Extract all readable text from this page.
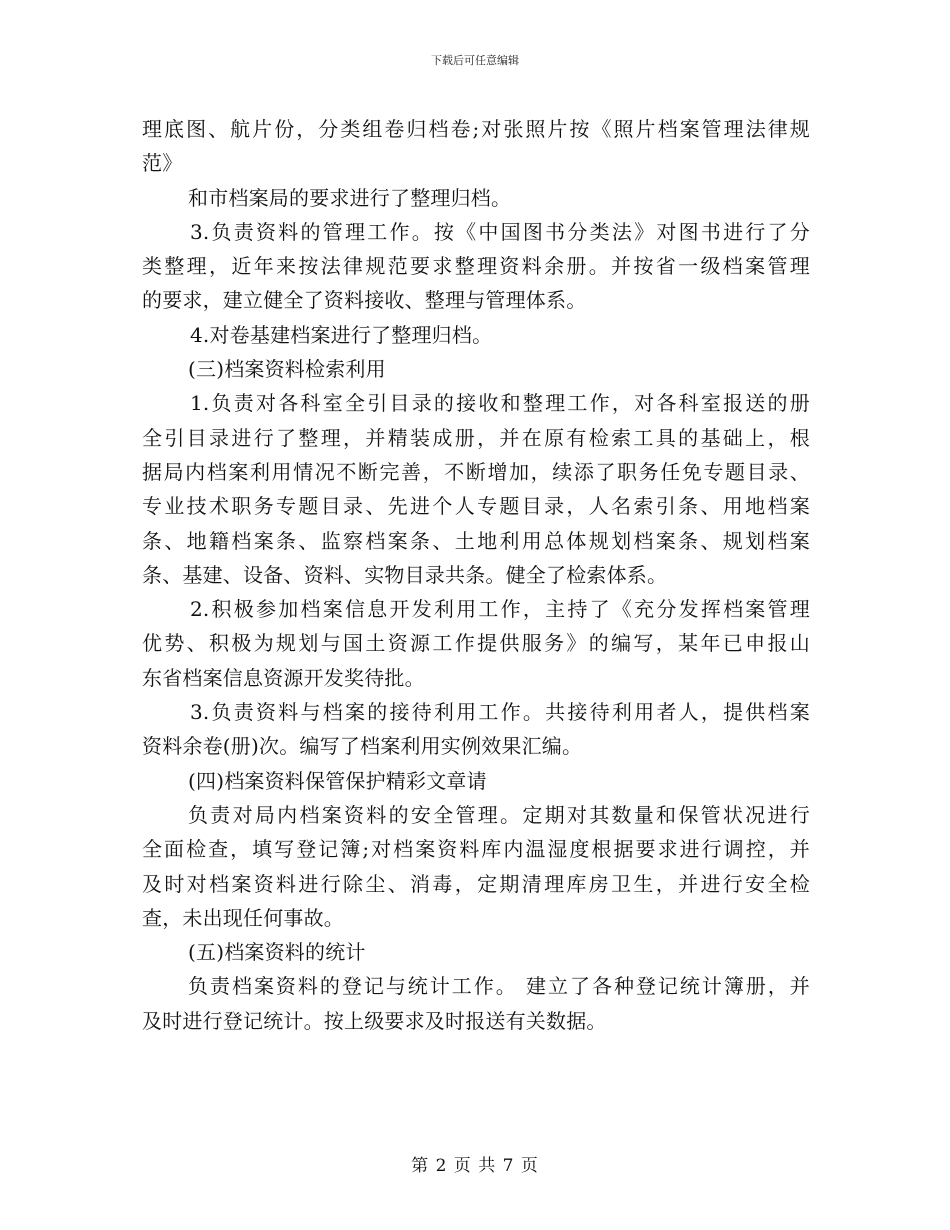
下载后可任意编辑
理底图、航片份，分类组卷归档卷;对张照片按《照片档案管理法律规
范》
和市档案局的要求进行了整理归档。
3.负责资料的管理工作。按《中国图书分类法》对图书进行了分
类整理，近年来按法律规范要求整理资料余册。并按省一级档案管理
的要求，建立健全了资料接收、整理与管理体系。
4.对卷基建档案进行了整理归档。
(三)档案资料检索利用
1.负责对各科室全引目录的接收和整理工作，对各科室报送的册
全引目录进行了整理，并精装成册，并在原有检索工具的基础上，根
据局内档案利用情况不断完善，不断增加，续添了职务任免专题目录、
专业技术职务专题目录、先进个人专题目录，人名索引条、用地档案
条、地籍档案条、监察档案条、土地利用总体规划档案条、规划档案
条、基建、设备、资料、实物目录共条。健全了检索体系。
2.积极参加档案信息开发利用工作，主持了《充分发挥档案管理
优势、积极为规划与国土资源工作提供服务》的编写，某年已申报山
东省档案信息资源开发奖待批。
3.负责资料与档案的接待利用工作。共接待利用者人，提供档案
资料余卷(册)次。编写了档案利用实例效果汇编。
(四)档案资料保管保护精彩文章请
负责对局内档案资料的安全管理。定期对其数量和保管状况进行
全面检查，填写登记簿;对档案资料库内温湿度根据要求进行调控，并
及时对档案资料进行除尘、消毒，定期清理库房卫生，并进行安全检
查，未出现任何事故。
(五)档案资料的统计
负责档案资料的登记与统计工作。 建立了各种登记统计簿册，并
及时进行登记统计。按上级要求及时报送有关数据。
第 2 页 共 7 页
